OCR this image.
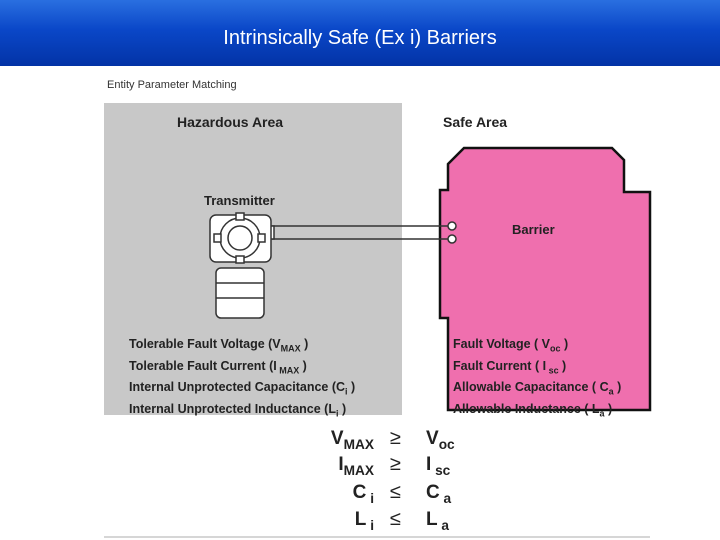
Intrinsically Safe (Ex i) Barriers
Entity Parameter Matching
Hazardous Area	Safe Area
Transmitter
Barrier
Tolerable Fault Voltage ($V_{MAX}$ )
Tolerable Fault Current (I $_{MAX}$ )
Internal Unprotected Capacitance ($C_i$ )
Internal Unprotected Inductance ($L_i$ )
Fault Voltage ( $V_{oc}$ )
Fault Current ( I $_{sc}$ )
Allowable Capacitance ( $C_a$ )
Allowable Inductance ( $L_a$ )
$V_{MAX} \ge V_{oc}$
$I_{MAX} \ge I$ $_{sc}$
C $_i$ ≤ C $_a$
L $_i$ ≤ L $_a$
